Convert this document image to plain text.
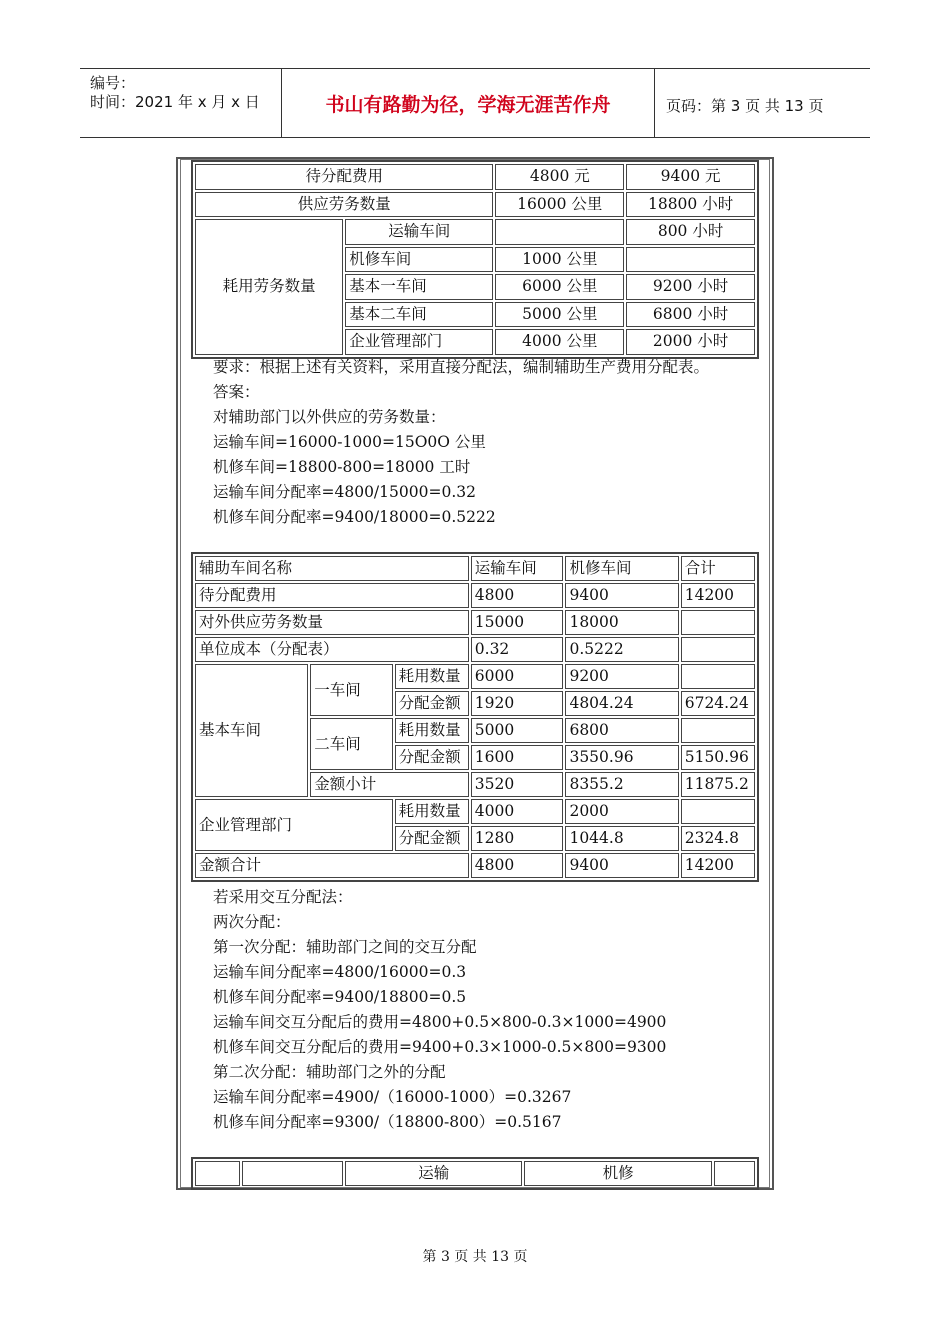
编号：
时间：2021 年 x 月 x 日	书山有路勤为径，学海无涯苦作舟	页码：第 3 页 共 13 页
待分配费用		4800 元	9400 元
供应劳务数量		16000 公里	18800 小时
耗用劳务数量	运输车间		800 小时
	机修车间	1000 公里	
	基本一车间	6000 公里	9200 小时
	基本二车间	5000 公里	6800 小时
	企业管理部门	4000 公里	2000 小时
要求：根据上述有关资料，采用直接分配法，编制辅助生产费用分配表。
答案：
对辅助部门以外供应的劳务数量：
运输车间=16000-1000=15O0O 公里
机修车间=18800-800=18000 工时
运输车间分配率=4800/15000=0.32
机修车间分配率=9400/18000=0.5222
辅助车间名称			运输车间	机修车间	合计
待分配费用			4800	9400	14200
对外供应劳务数量			15000	18000	
单位成本（分配表）			0.32	0.5222	
基本车间	一车间	耗用数量	6000	9200	
		分配金额	1920	4804.24	6724.24
	二车间	耗用数量	5000	6800	
		分配金额	1600	3550.96	5150.96
	金额小计		3520	8355.2	11875.2
企业管理部门		耗用数量	4000	2000	
		分配金额	1280	1044.8	2324.8
金额合计			4800	9400	14200
若采用交互分配法：
两次分配：
第一次分配：辅助部门之间的交互分配
运输车间分配率=4800/16000=0.3
机修车间分配率=9400/18800=0.5
运输车间交互分配后的费用=4800+0.5×800-0.3×1000=4900
机修车间交互分配后的费用=9400+0.3×1000-0.5×800=9300
第二次分配：辅助部门之外的分配
运输车间分配率=4900/（16000-1000）=0.3267
机修车间分配率=9300/（18800-800）=0.5167
		运输	机修	
第 3 页 共 13 页
